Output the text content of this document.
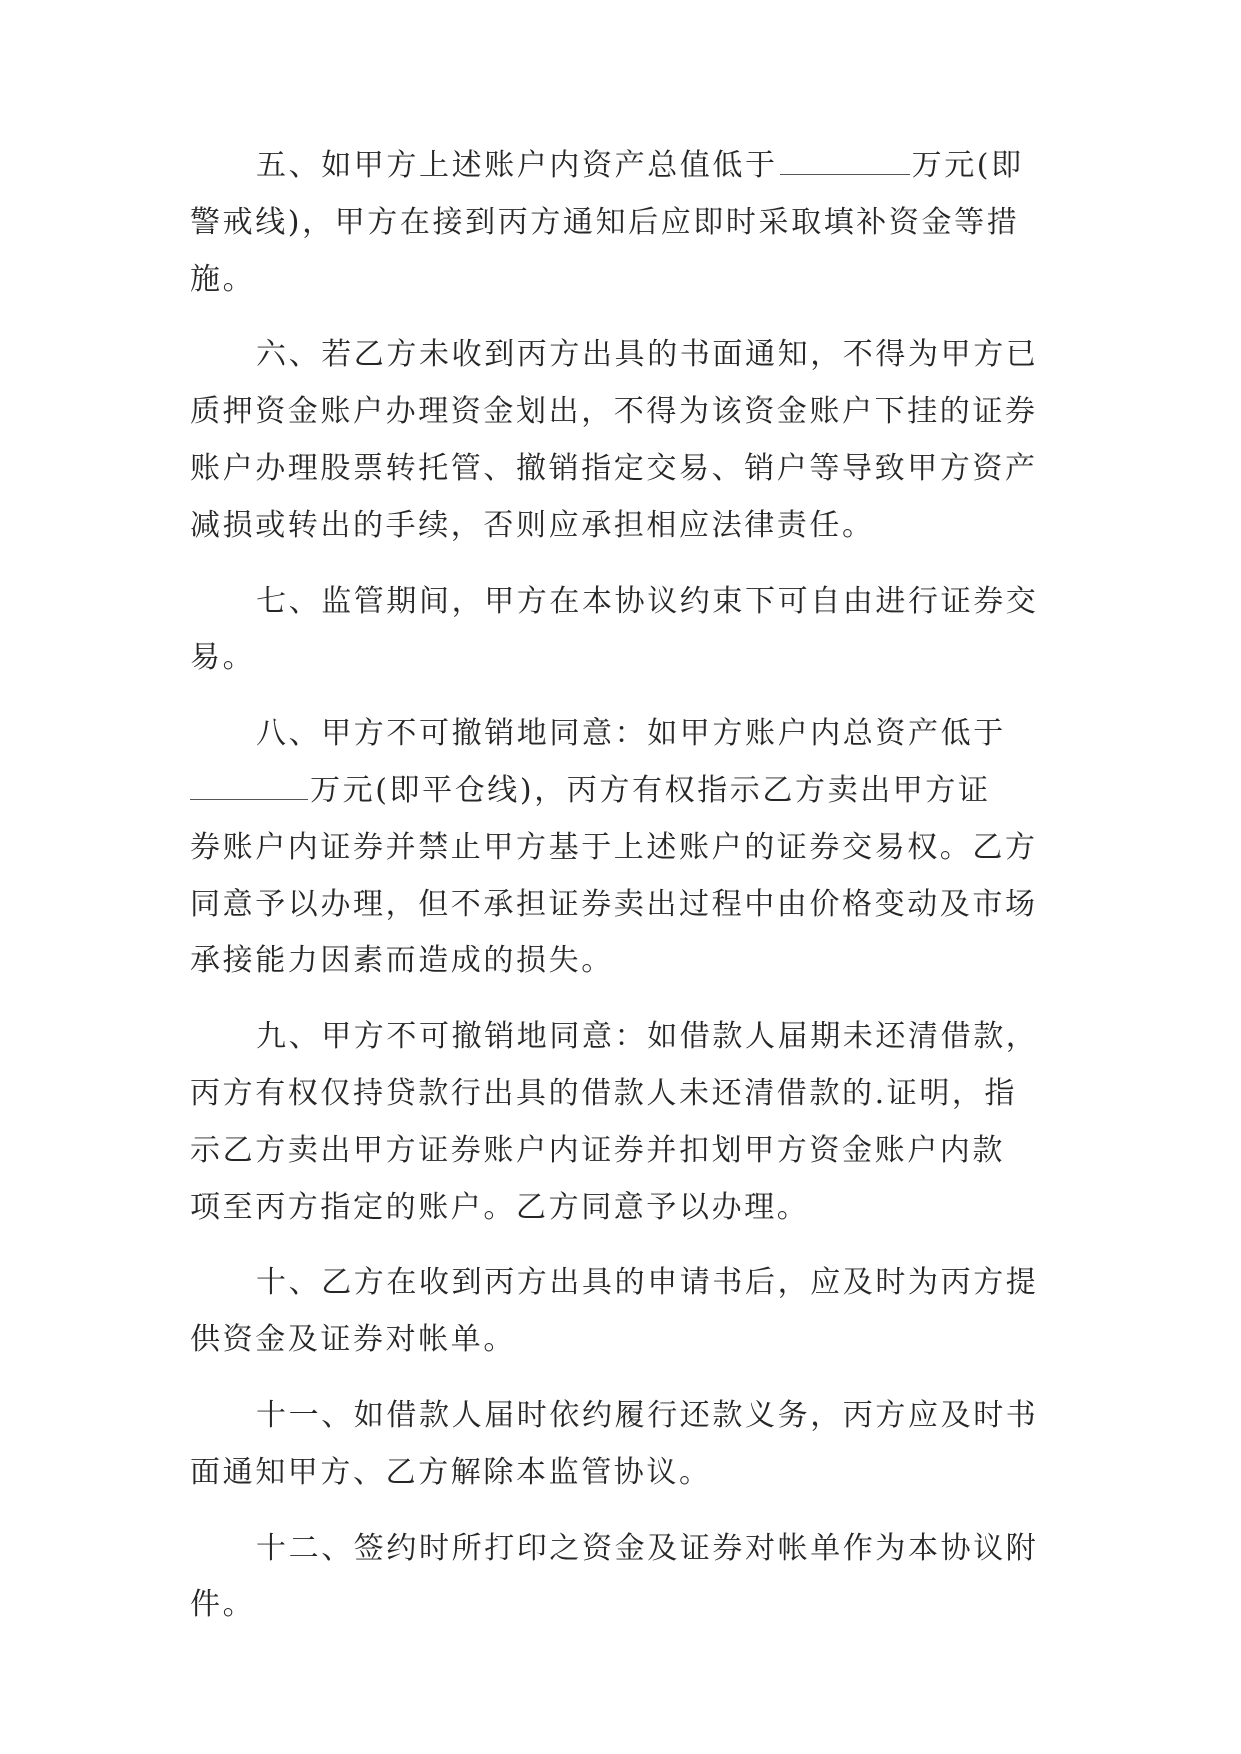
五、如甲方上述账户内资产总值低于	万元(即
警戒线)，甲方在接到丙方通知后应即时采取填补资金等措
施。
六、若乙方未收到丙方出具的书面通知，不得为甲方已
质押资金账户办理资金划出，不得为该资金账户下挂的证券
账户办理股票转托管、撤销指定交易、销户等导致甲方资产
减损或转出的手续，否则应承担相应法律责任。
七、监管期间，甲方在本协议约束下可自由进行证券交
易。
八、甲方不可撤销地同意：如甲方账户内总资产低于
万元(即平仓线)，丙方有权指示乙方卖出甲方证
券账户内证券并禁止甲方基于上述账户的证券交易权。乙方
同意予以办理，但不承担证券卖出过程中由价格变动及市场
承接能力因素而造成的损失。
九、甲方不可撤销地同意：如借款人届期未还清借款，
丙方有权仅持贷款行出具的借款人未还清借款的.证明，指
示乙方卖出甲方证券账户内证券并扣划甲方资金账户内款
项至丙方指定的账户。乙方同意予以办理。
十、乙方在收到丙方出具的申请书后，应及时为丙方提
供资金及证券对帐单。
十一、如借款人届时依约履行还款义务，丙方应及时书
面通知甲方、乙方解除本监管协议。
十二、签约时所打印之资金及证券对帐单作为本协议附
件。
